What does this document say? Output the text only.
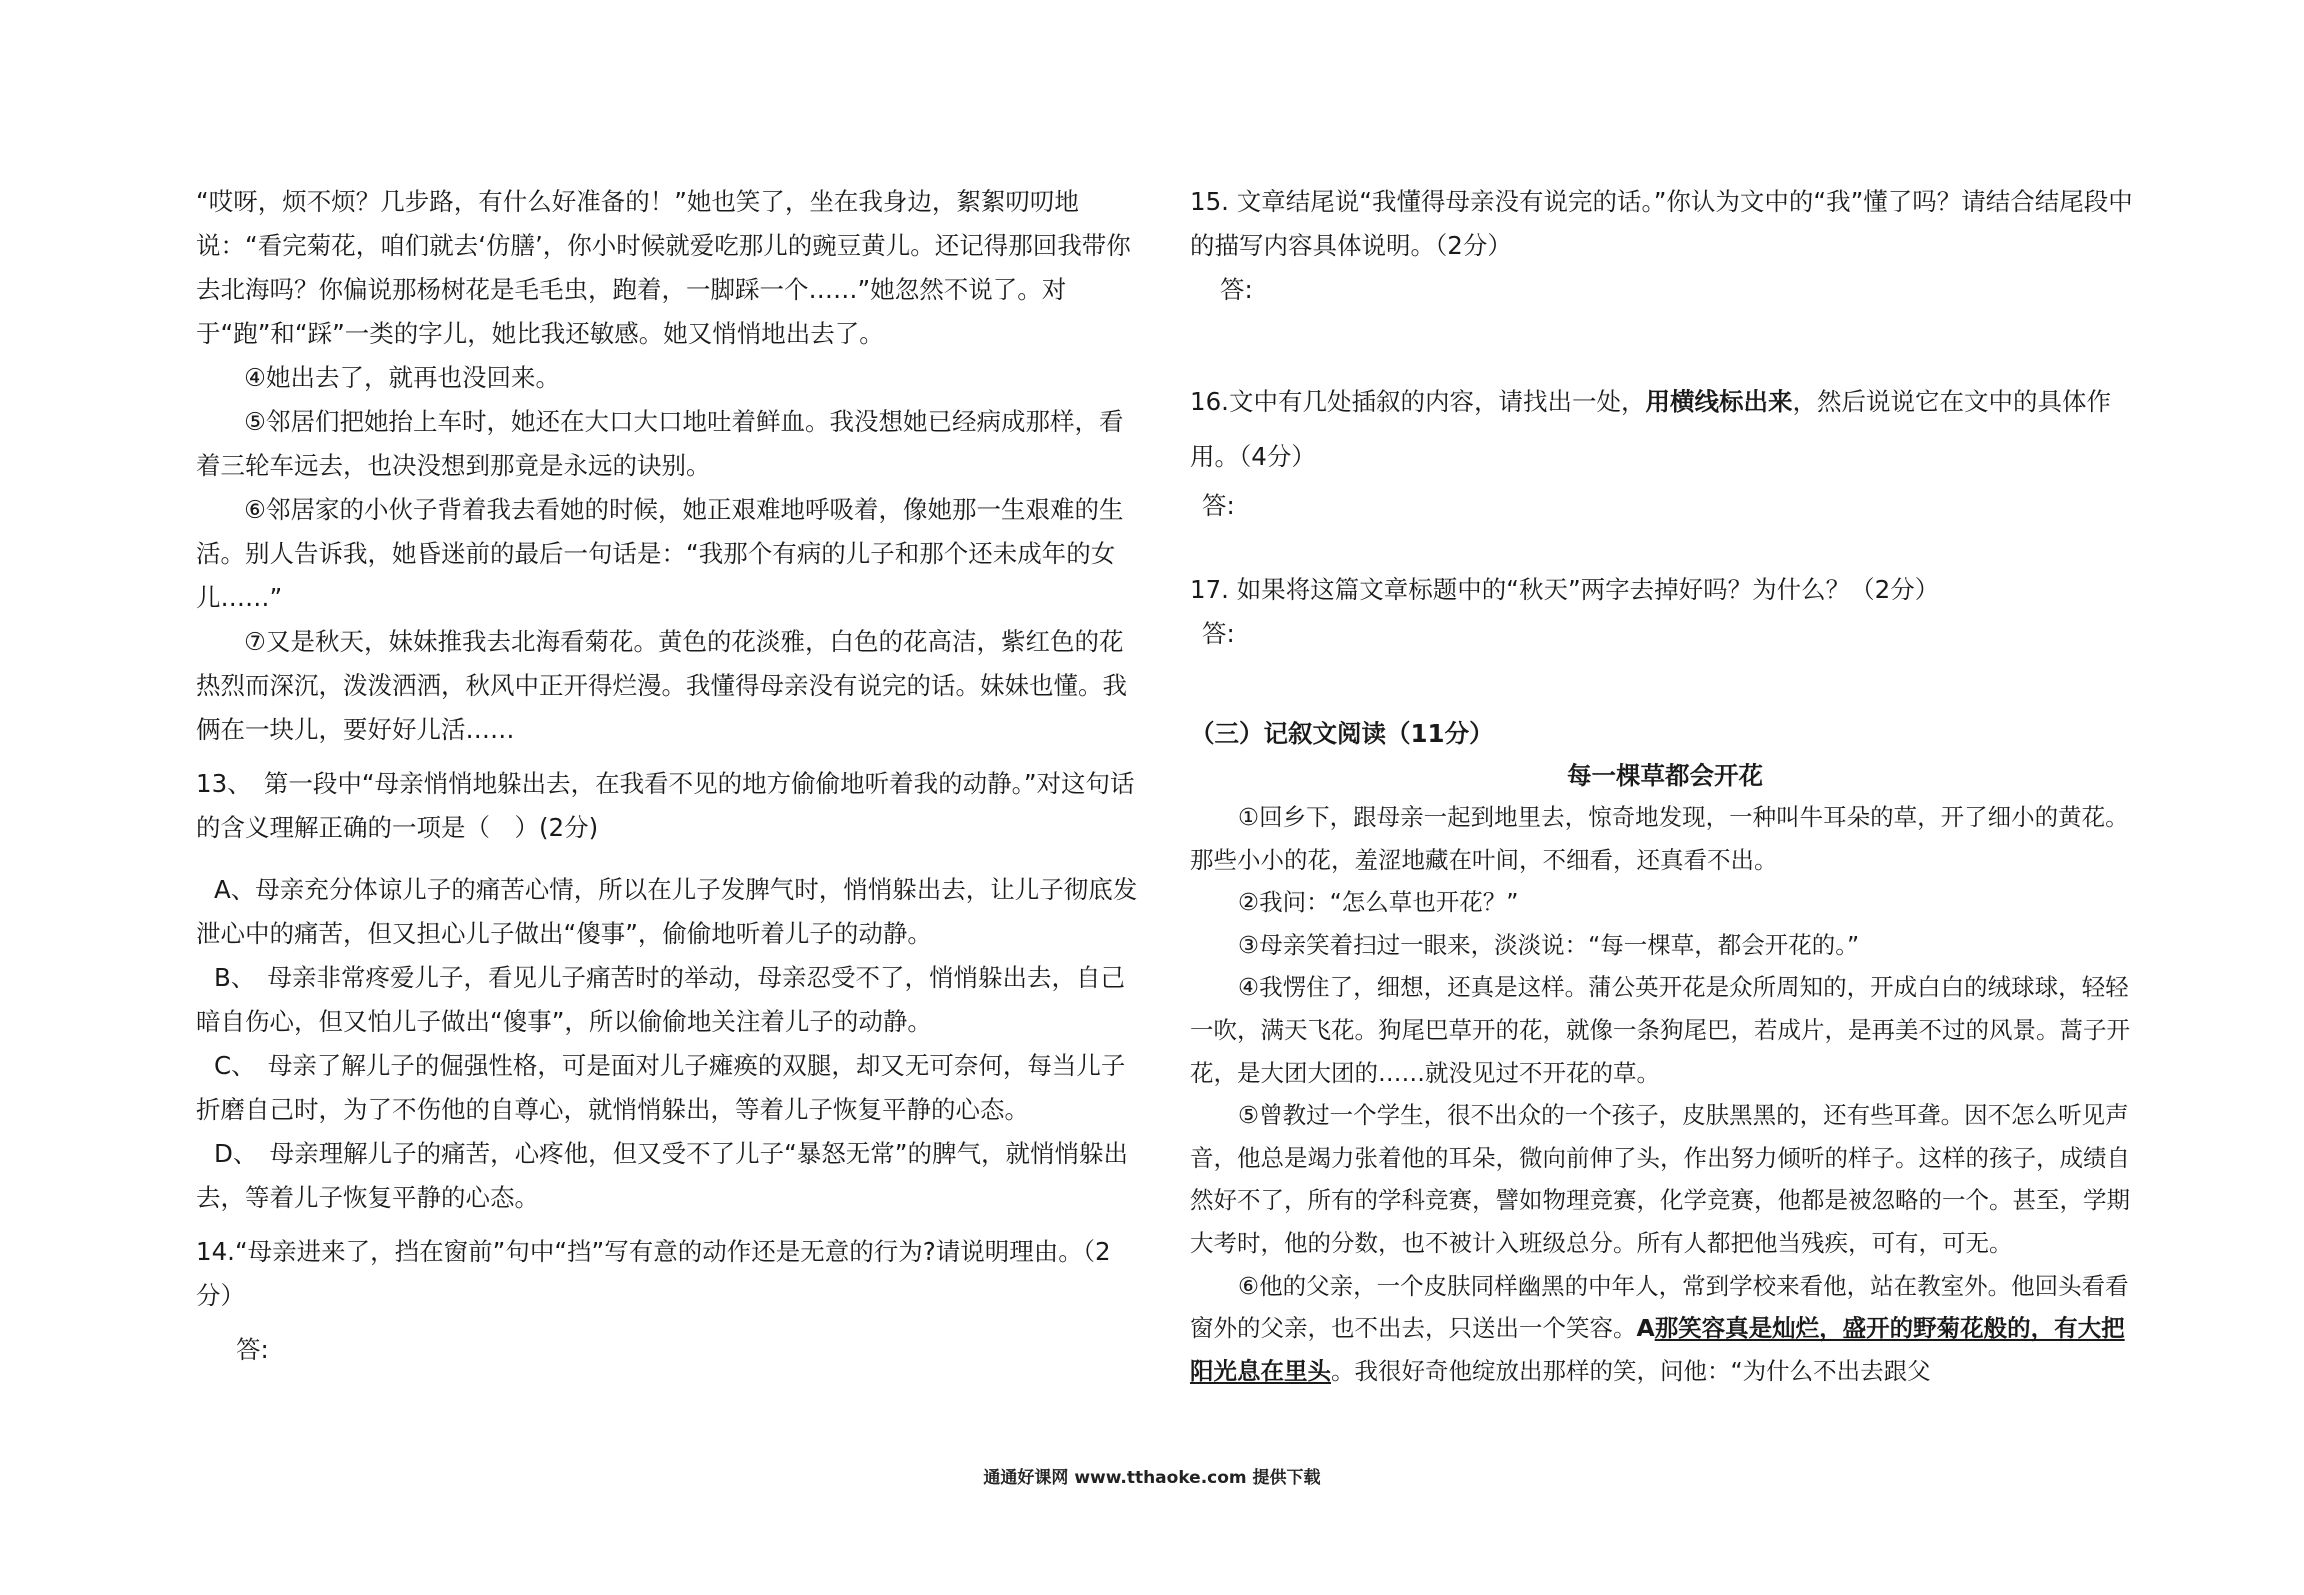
“哎呀，烦不烦？几步路，有什么好准备的！”她也笑了，坐在我身边，絮絮叨叨地说：“看完菊花，咱们就去‘仿膳’，你小时候就爱吃那儿的豌豆黄儿。还记得那回我带你去北海吗？你偏说那杨树花是毛毛虫，跑着，一脚踩一个……”她忽然不说了。对于“跑”和“踩”一类的字儿，她比我还敏感。她又悄悄地出去了。

④她出去了，就再也没回来。

⑤邻居们把她抬上车时，她还在大口大口地吐着鲜血。我没想她已经病成那样，看着三轮车远去，也决没想到那竟是永远的诀别。

⑥邻居家的小伙子背着我去看她的时候，她正艰难地呼吸着，像她那一生艰难的生活。别人告诉我，她昏迷前的最后一句话是：“我那个有病的儿子和那个还未成年的女儿……”

⑦又是秋天，妹妹推我去北海看菊花。黄色的花淡雅，白色的花高洁，紫红色的花热烈而深沉，泼泼洒洒，秋风中正开得烂漫。我懂得母亲没有说完的话。妹妹也懂。我俩在一块儿，要好好儿活……

13、　第一段中“母亲悄悄地躲出去，在我看不见的地方偷偷地听着我的动静。”对这句话的含义理解正确的一项是（　）(2分)

A、母亲充分体谅儿子的痛苦心情，所以在儿子发脾气时，悄悄躲出去，让儿子彻底发泄心中的痛苦，但又担心儿子做出“傻事”，偷偷地听着儿子的动静。

B、　母亲非常疼爱儿子，看见儿子痛苦时的举动，母亲忍受不了，悄悄躲出去，自己暗自伤心，但又怕儿子做出“傻事”，所以偷偷地关注着儿子的动静。

C、　母亲了解儿子的倔强性格，可是面对儿子瘫痪的双腿，却又无可奈何，每当儿子折磨自己时，为了不伤他的自尊心，就悄悄躲出，等着儿子恢复平静的心态。

D、　母亲理解儿子的痛苦，心疼他，但又受不了儿子“暴怒无常”的脾气，就悄悄躲出去，等着儿子恢复平静的心态。

14.“母亲进来了，挡在窗前”句中“挡”写有意的动作还是无意的行为?请说明理由。（2分）

答:

15. 文章结尾说“我懂得母亲没有说完的话。”你认为文中的“我”懂了吗？请结合结尾段中的描写内容具体说明。（2分）

答:

16.文中有几处插叙的内容，请找出一处，用横线标出来，然后说说它在文中的具体作用。（4分）

答:

17. 如果将这篇文章标题中的“秋天”两字去掉好吗？为什么？（2分）

答:

（三）记叙文阅读（11分）

每一棵草都会开花

①回乡下，跟母亲一起到地里去，惊奇地发现，一种叫牛耳朵的草，开了细小的黄花。那些小小的花，羞涩地藏在叶间，不细看，还真看不出。

②我问：“怎么草也开花？”

③母亲笑着扫过一眼来，淡淡说：“每一棵草，都会开花的。”

④我愣住了，细想，还真是这样。蒲公英开花是众所周知的，开成白白的绒球球，轻轻一吹，满天飞花。狗尾巴草开的花，就像一条狗尾巴，若成片，是再美不过的风景。蒿子开花，是大团大团的……就没见过不开花的草。

⑤曾教过一个学生，很不出众的一个孩子，皮肤黑黑的，还有些耳聋。因不怎么听见声音，他总是竭力张着他的耳朵，微向前伸了头，作出努力倾听的样子。这样的孩子，成绩自然好不了，所有的学科竞赛，譬如物理竞赛，化学竞赛，他都是被忽略的一个。甚至，学期大考时，他的分数，也不被计入班级总分。所有人都把他当残疾，可有，可无。

⑥他的父亲，一个皮肤同样幽黑的中年人，常到学校来看他，站在教室外。他回头看看窗外的父亲，也不出去，只送出一个笑容。A那笑容真是灿烂，盛开的野菊花般的，有大把阳光息在里头。我很好奇他绽放出那样的笑，问他：“为什么不出去跟父

通通好课网 www.tthaoke.com 提供下载
